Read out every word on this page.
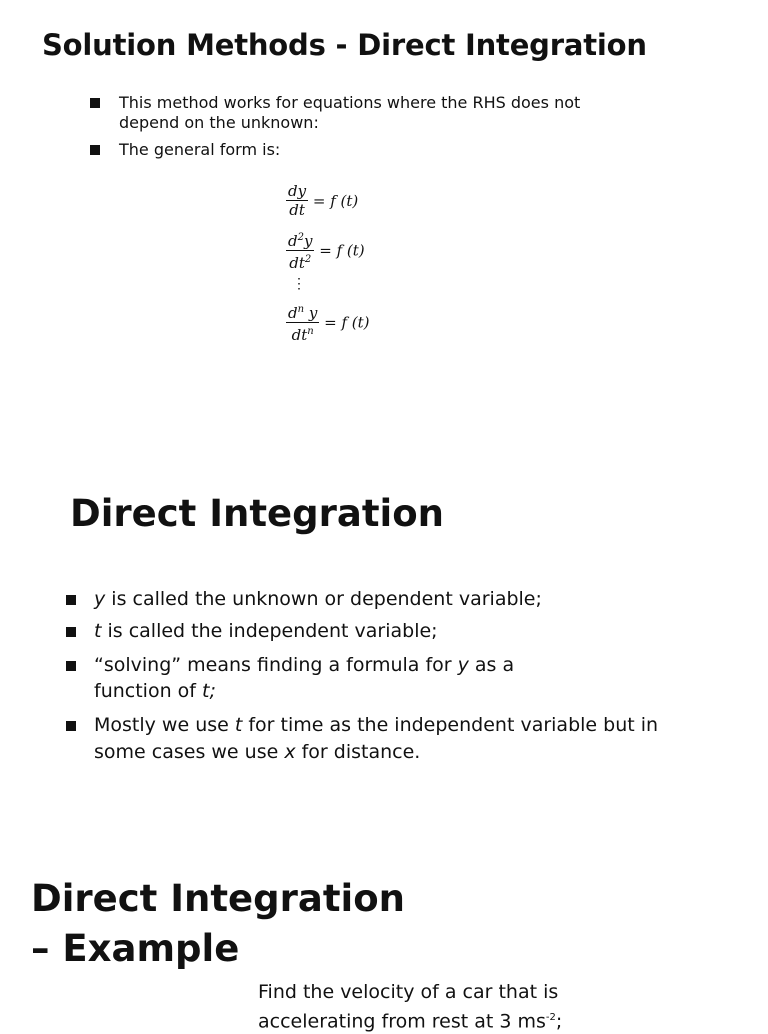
Solution Methods - Direct Integration
This method works for equations where the RHS does not depend on the unknown:
The general form is:
$\frac{dy}{dt} = f$ (t)
$\frac{d^2y}{dt^2} = f$ (t)
⋮
$\frac{d^n y}{dt^n} = f$ (t)
Direct Integration
y is called the unknown or dependent variable;
t is called the independent variable;
“solving” means finding a formula for y as a function of t;
Mostly we use t for time as the independent variable but in some cases we use x for distance.
Direct Integration
– Example
Find the velocity of a car that is
accelerating from rest at 3 $ms^{-2}$;
